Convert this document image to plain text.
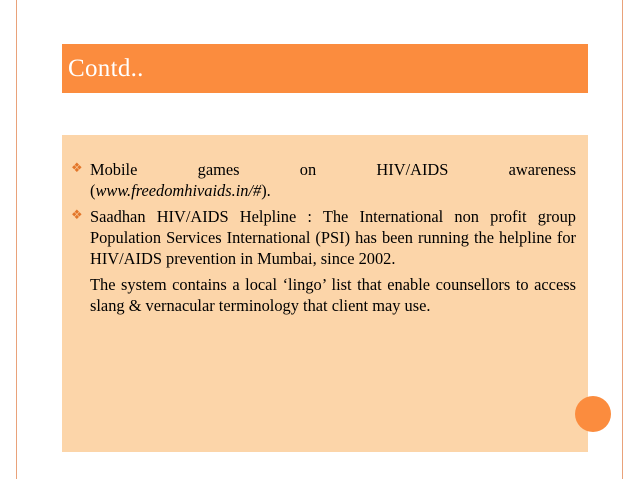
Contd..
❖ Mobile games on HIV/AIDS awareness

(www.freedomhivaids.in/#).

❖ Saadhan HIV/AIDS Helpline : The International non profit group Population Services International (PSI) has been running the helpline for HIV/AIDS prevention in Mumbai, since 2002.

The system contains a local ‘lingo’ list that enable counsellors to access slang & vernacular terminology that client may use.
